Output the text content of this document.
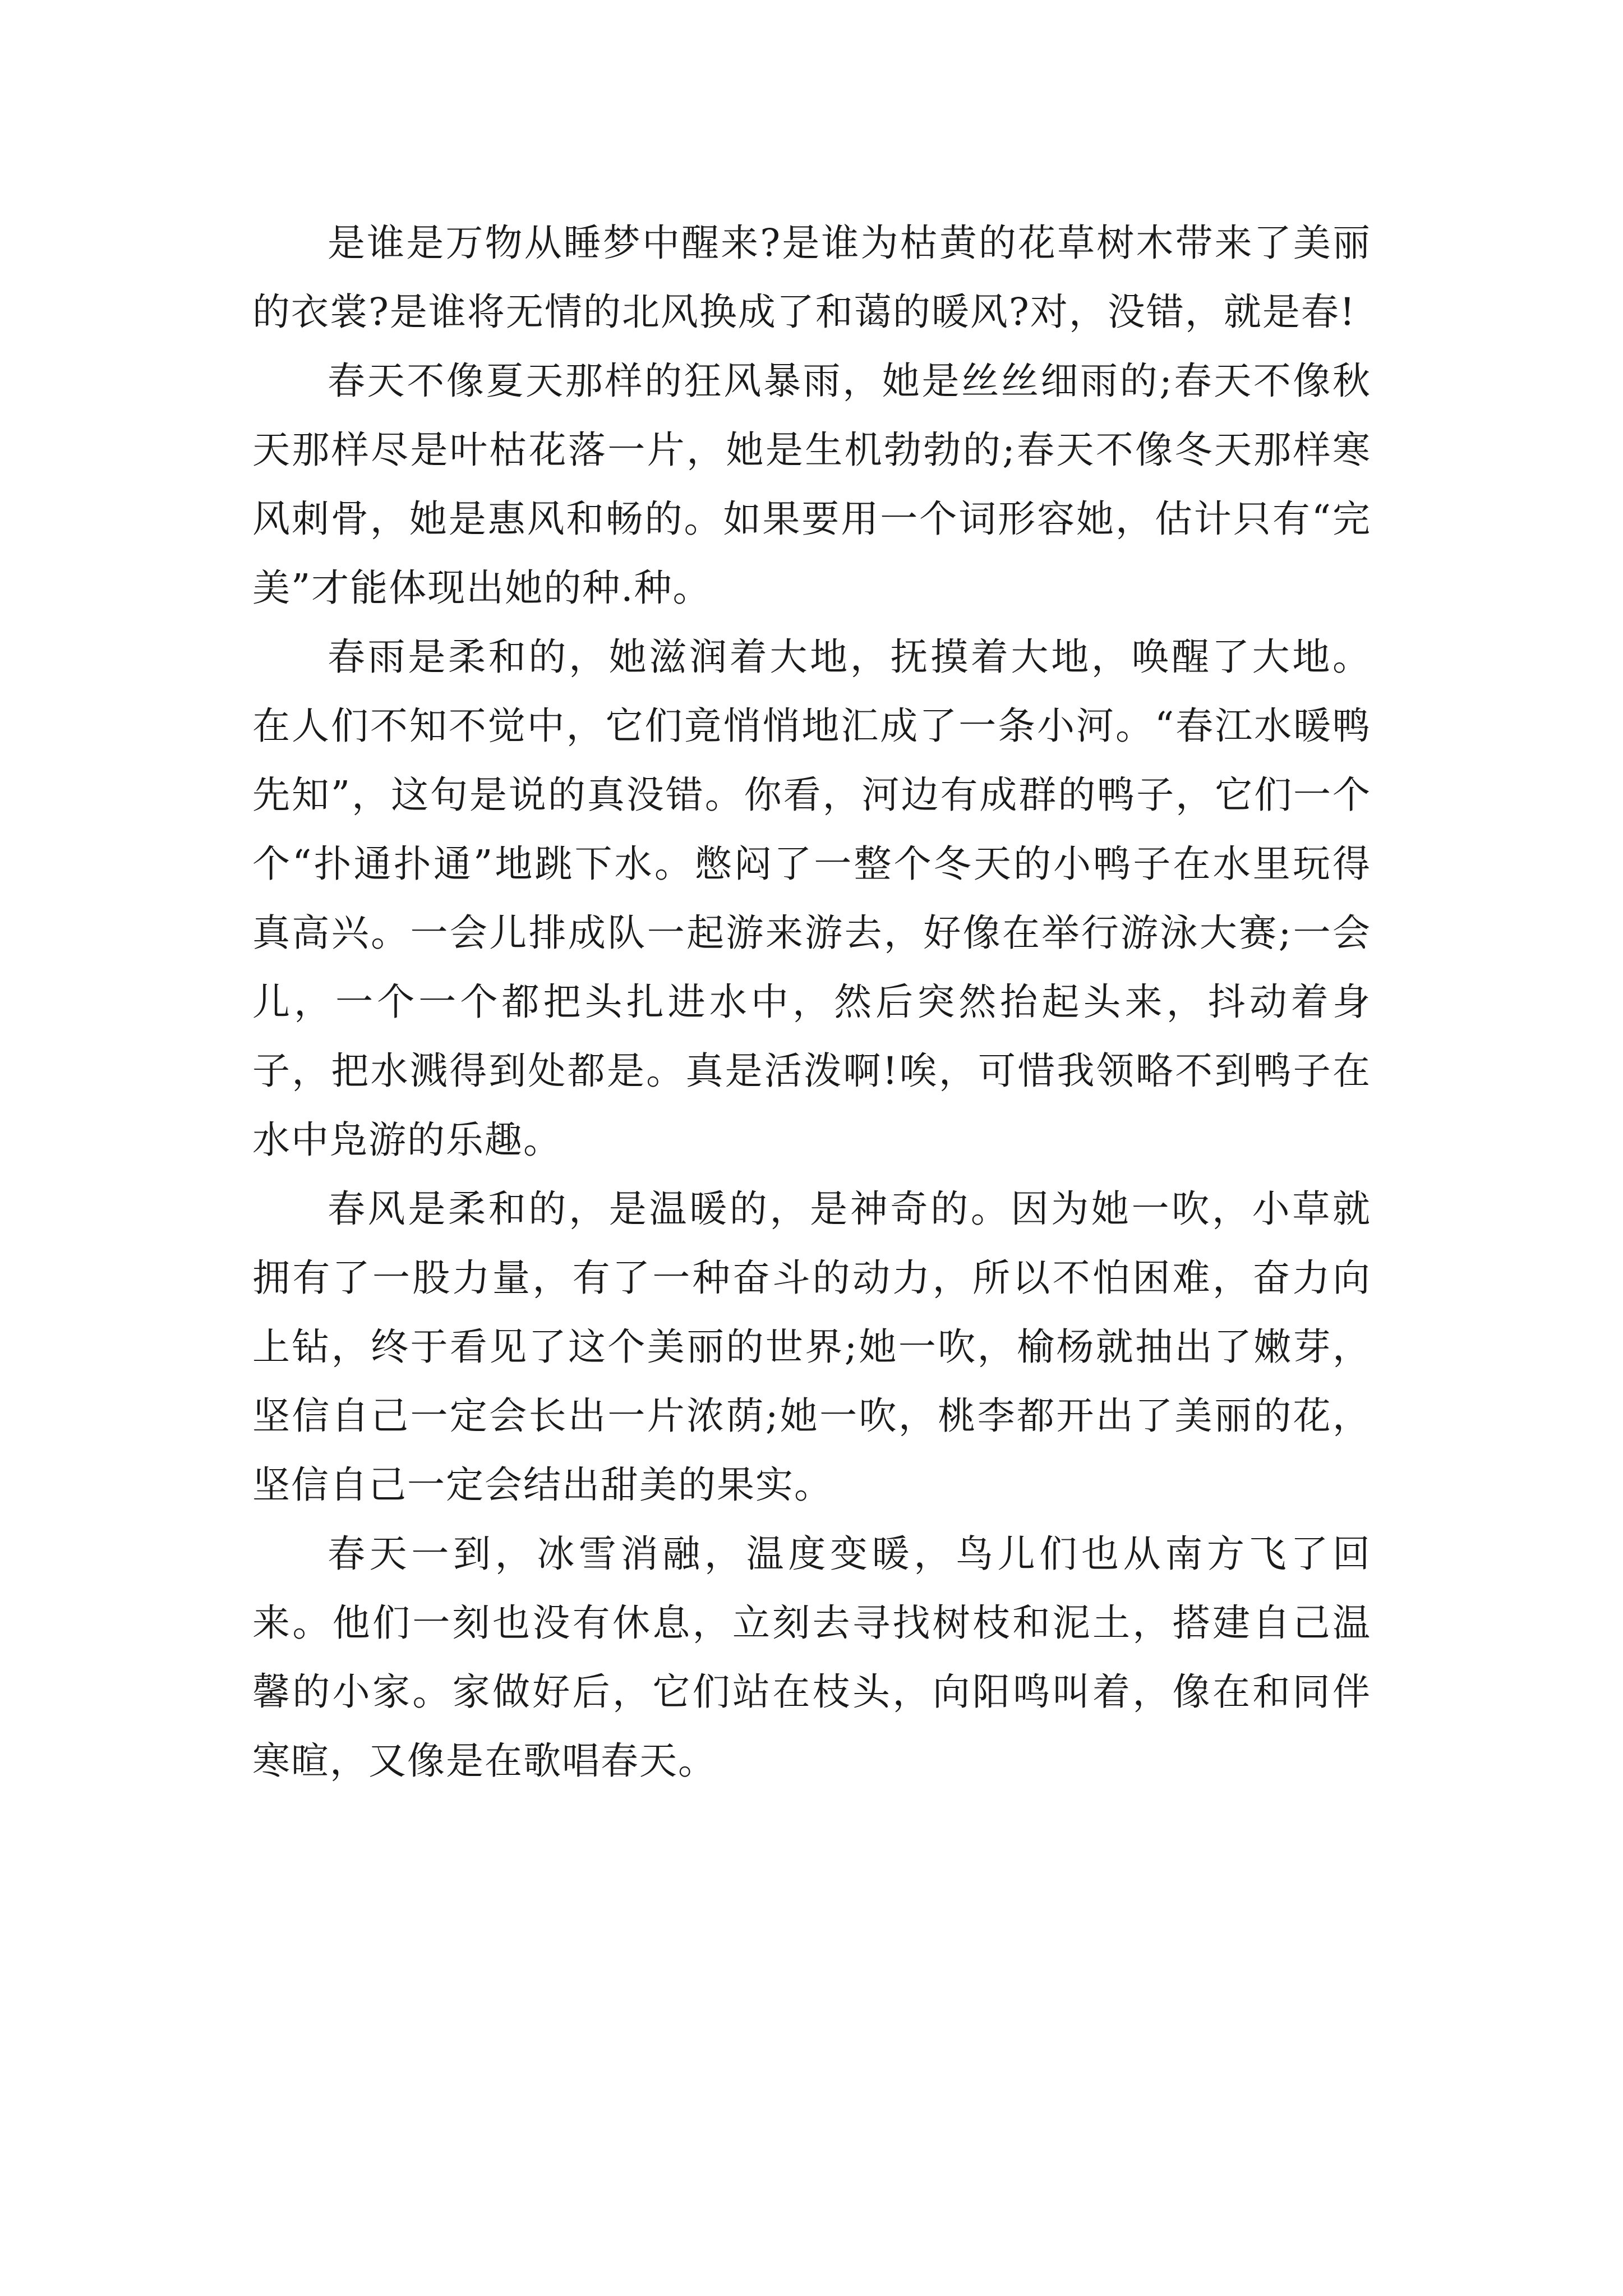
是谁是万物从睡梦中醒来?是谁为枯黄的花草树木带来了美丽的衣裳?是谁将无情的北风换成了和蔼的暖风?对，没错，就是春!

春天不像夏天那样的狂风暴雨，她是丝丝细雨的;春天不像秋天那样尽是叶枯花落一片，她是生机勃勃的;春天不像冬天那样寒风刺骨，她是惠风和畅的。如果要用一个词形容她，估计只有“完美”才能体现出她的种.种。

春雨是柔和的，她滋润着大地，抚摸着大地，唤醒了大地。在人们不知不觉中，它们竟悄悄地汇成了一条小河。“春江水暖鸭先知”，这句是说的真没错。你看，河边有成群的鸭子，它们一个个“扑通扑通”地跳下水。憋闷了一整个冬天的小鸭子在水里玩得真高兴。一会儿排成队一起游来游去，好像在举行游泳大赛;一会儿，一个一个都把头扎进水中，然后突然抬起头来，抖动着身子，把水溅得到处都是。真是活泼啊!唉，可惜我领略不到鸭子在水中凫游的乐趣。

春风是柔和的，是温暖的，是神奇的。因为她一吹，小草就拥有了一股力量，有了一种奋斗的动力，所以不怕困难，奋力向上钻，终于看见了这个美丽的世界;她一吹，榆杨就抽出了嫩芽，坚信自己一定会长出一片浓荫;她一吹，桃李都开出了美丽的花，坚信自己一定会结出甜美的果实。

春天一到，冰雪消融，温度变暖，鸟儿们也从南方飞了回来。他们一刻也没有休息，立刻去寻找树枝和泥土，搭建自己温馨的小家。家做好后，它们站在枝头，向阳鸣叫着，像在和同伴寒暄，又像是在歌唱春天。
